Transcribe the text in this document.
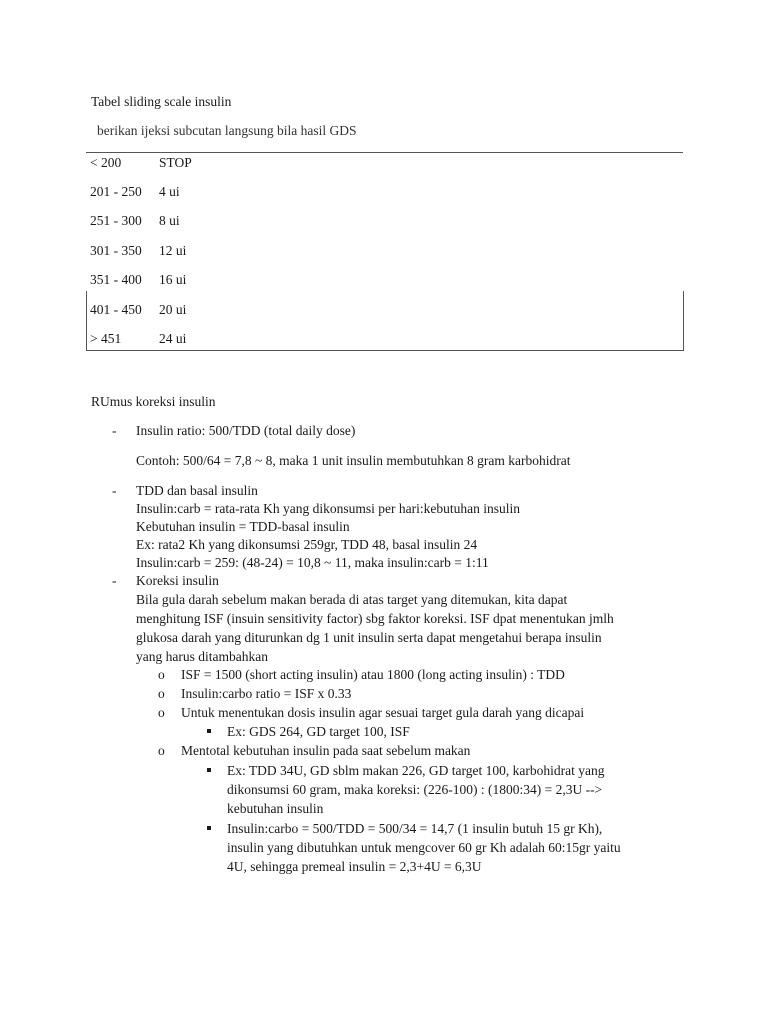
Tabel sliding scale insulin
berikan ijeksi subcutan langsung bila hasil GDS
< 200	STOP
201 - 250 4 ui
251 - 300 8 ui
301 - 350 12 ui
351 - 400 16 ui
401 - 450 20 ui
> 451	24 ui
RUmus koreksi insulin
- Insulin ratio: 500/TDD (total daily dose)
Contoh: 500/64 = 7,8 ~ 8, maka 1 unit insulin membutuhkan 8 gram karbohidrat
- TDD dan basal insulin
Insulin:carb = rata-rata Kh yang dikonsumsi per hari:kebutuhan insulin
Kebutuhan insulin = TDD-basal insulin
Ex: rata2 Kh yang dikonsumsi 259gr, TDD 48, basal insulin 24
Insulin:carb = 259: (48-24) = 10,8 ~ 11, maka insulin:carb = 1:11
- Koreksi insulin
Bila gula darah sebelum makan berada di atas target yang ditemukan, kita dapat
menghitung ISF (insuin sensitivity factor) sbg faktor koreksi. ISF dpat menentukan jmlh
glukosa darah yang diturunkan dg 1 unit insulin serta dapat mengetahui berapa insulin
yang harus ditambahkan
o ISF = 1500 (short acting insulin) atau 1800 (long acting insulin) : TDD
o Insulin:carbo ratio = ISF x 0.33
o Untuk menentukan dosis insulin agar sesuai target gula darah yang dicapai
Ex: GDS 264, GD target 100, ISF
o Mentotal kebutuhan insulin pada saat sebelum makan
Ex: TDD 34U, GD sblm makan 226, GD target 100, karbohidrat yang
dikonsumsi 60 gram, maka koreksi: (226-100) : (1800:34) = 2,3U -->
kebutuhan insulin
Insulin:carbo = 500/TDD = 500/34 = 14,7 (1 insulin butuh 15 gr Kh),
insulin yang dibutuhkan untuk mengcover 60 gr Kh adalah 60:15gr yaitu
4U, sehingga premeal insulin = 2,3+4U = 6,3U
